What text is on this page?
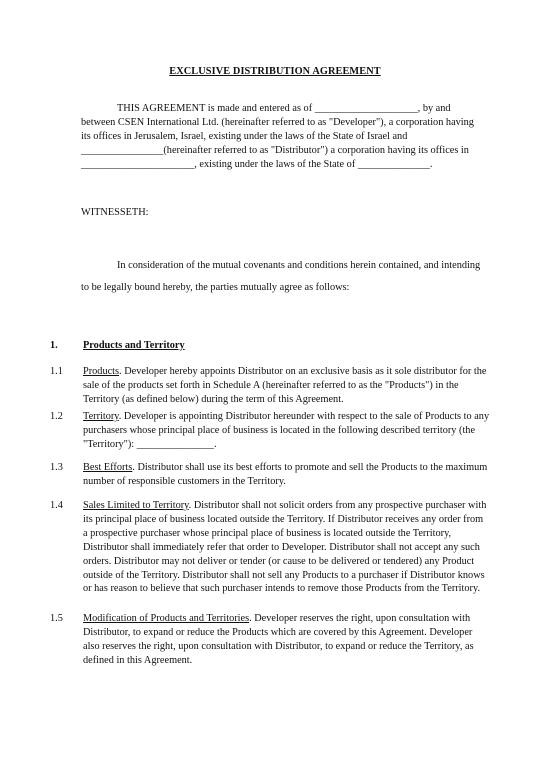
EXCLUSIVE DISTRIBUTION AGREEMENT
THIS AGREEMENT is made and entered as of ____________________, by and between CSEN International Ltd. (hereinafter referred to as "Developer"), a corporation having its offices in Jerusalem, Israel, existing under the laws of the State of Israel and ________________(hereinafter referred to as "Distributor") a corporation having its offices in ______________________, existing under the laws of the State of ______________.
WITNESSETH:
In consideration of the mutual covenants and conditions herein contained, and intending to be legally bound hereby, the parties mutually agree as follows:
1. Products and Territory
1.1 Products. Developer hereby appoints Distributor on an exclusive basis as it sole distributor for the sale of the products set forth in Schedule A (hereinafter referred to as the "Products") in the Territory (as defined below) during the term of this Agreement.
1.2 Territory. Developer is appointing Distributor hereunder with respect to the sale of Products to any purchasers whose principal place of business is located in the following described territory (the "Territory"): _______________.
1.3 Best Efforts. Distributor shall use its best efforts to promote and sell the Products to the maximum number of responsible customers in the Territory.
1.4 Sales Limited to Territory. Distributor shall not solicit orders from any prospective purchaser with its principal place of business located outside the Territory. If Distributor receives any order from a prospective purchaser whose principal place of business is located outside the Territory, Distributor shall immediately refer that order to Developer. Distributor shall not accept any such orders. Distributor may not deliver or tender (or cause to be delivered or tendered) any Product outside of the Territory. Distributor shall not sell any Products to a purchaser if Distributor knows or has reason to believe that such purchaser intends to remove those Products from the Territory.
1.5 Modification of Products and Territories. Developer reserves the right, upon consultation with Distributor, to expand or reduce the Products which are covered by this Agreement. Developer also reserves the right, upon consultation with Distributor, to expand or reduce the Territory, as defined in this Agreement.
